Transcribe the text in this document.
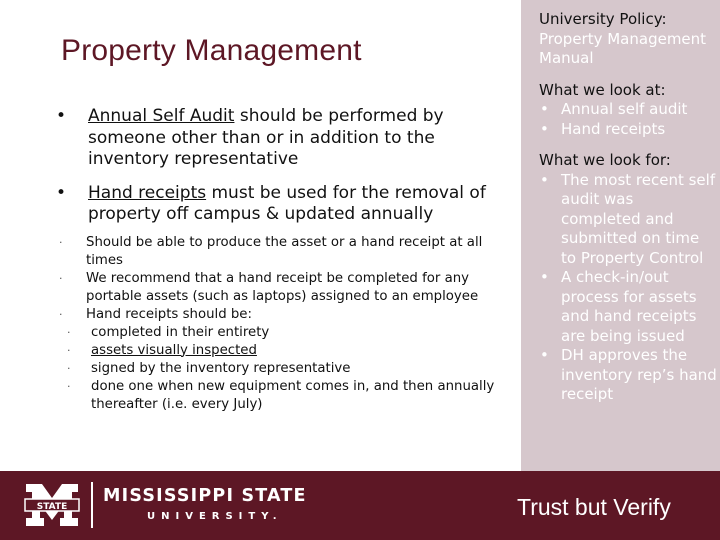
Property Management
• Annual Self Audit should be performed by someone other than or in addition to the inventory representative
• Hand receipts must be used for the removal of property off campus & updated annually
· Should be able to produce the asset or a hand receipt at all times
· We recommend that a hand receipt be completed for any portable assets (such as laptops) assigned to an employee
· Hand receipts should be:
· completed in their entirety
· assets visually inspected
· signed by the inventory representative
· done one when new equipment comes in, and then annually thereafter (i.e. every July)
University Policy:
Property Management Manual
What we look at:
• Annual self audit
• Hand receipts
What we look for:
• The most recent self audit was completed and submitted on time to Property Control
• A check-in/out process for assets and hand receipts are being issued
• DH approves the inventory rep’s hand receipt
STATE
MISSISSIPPI STATE
UNIVERSITY.	Trust but Verify
